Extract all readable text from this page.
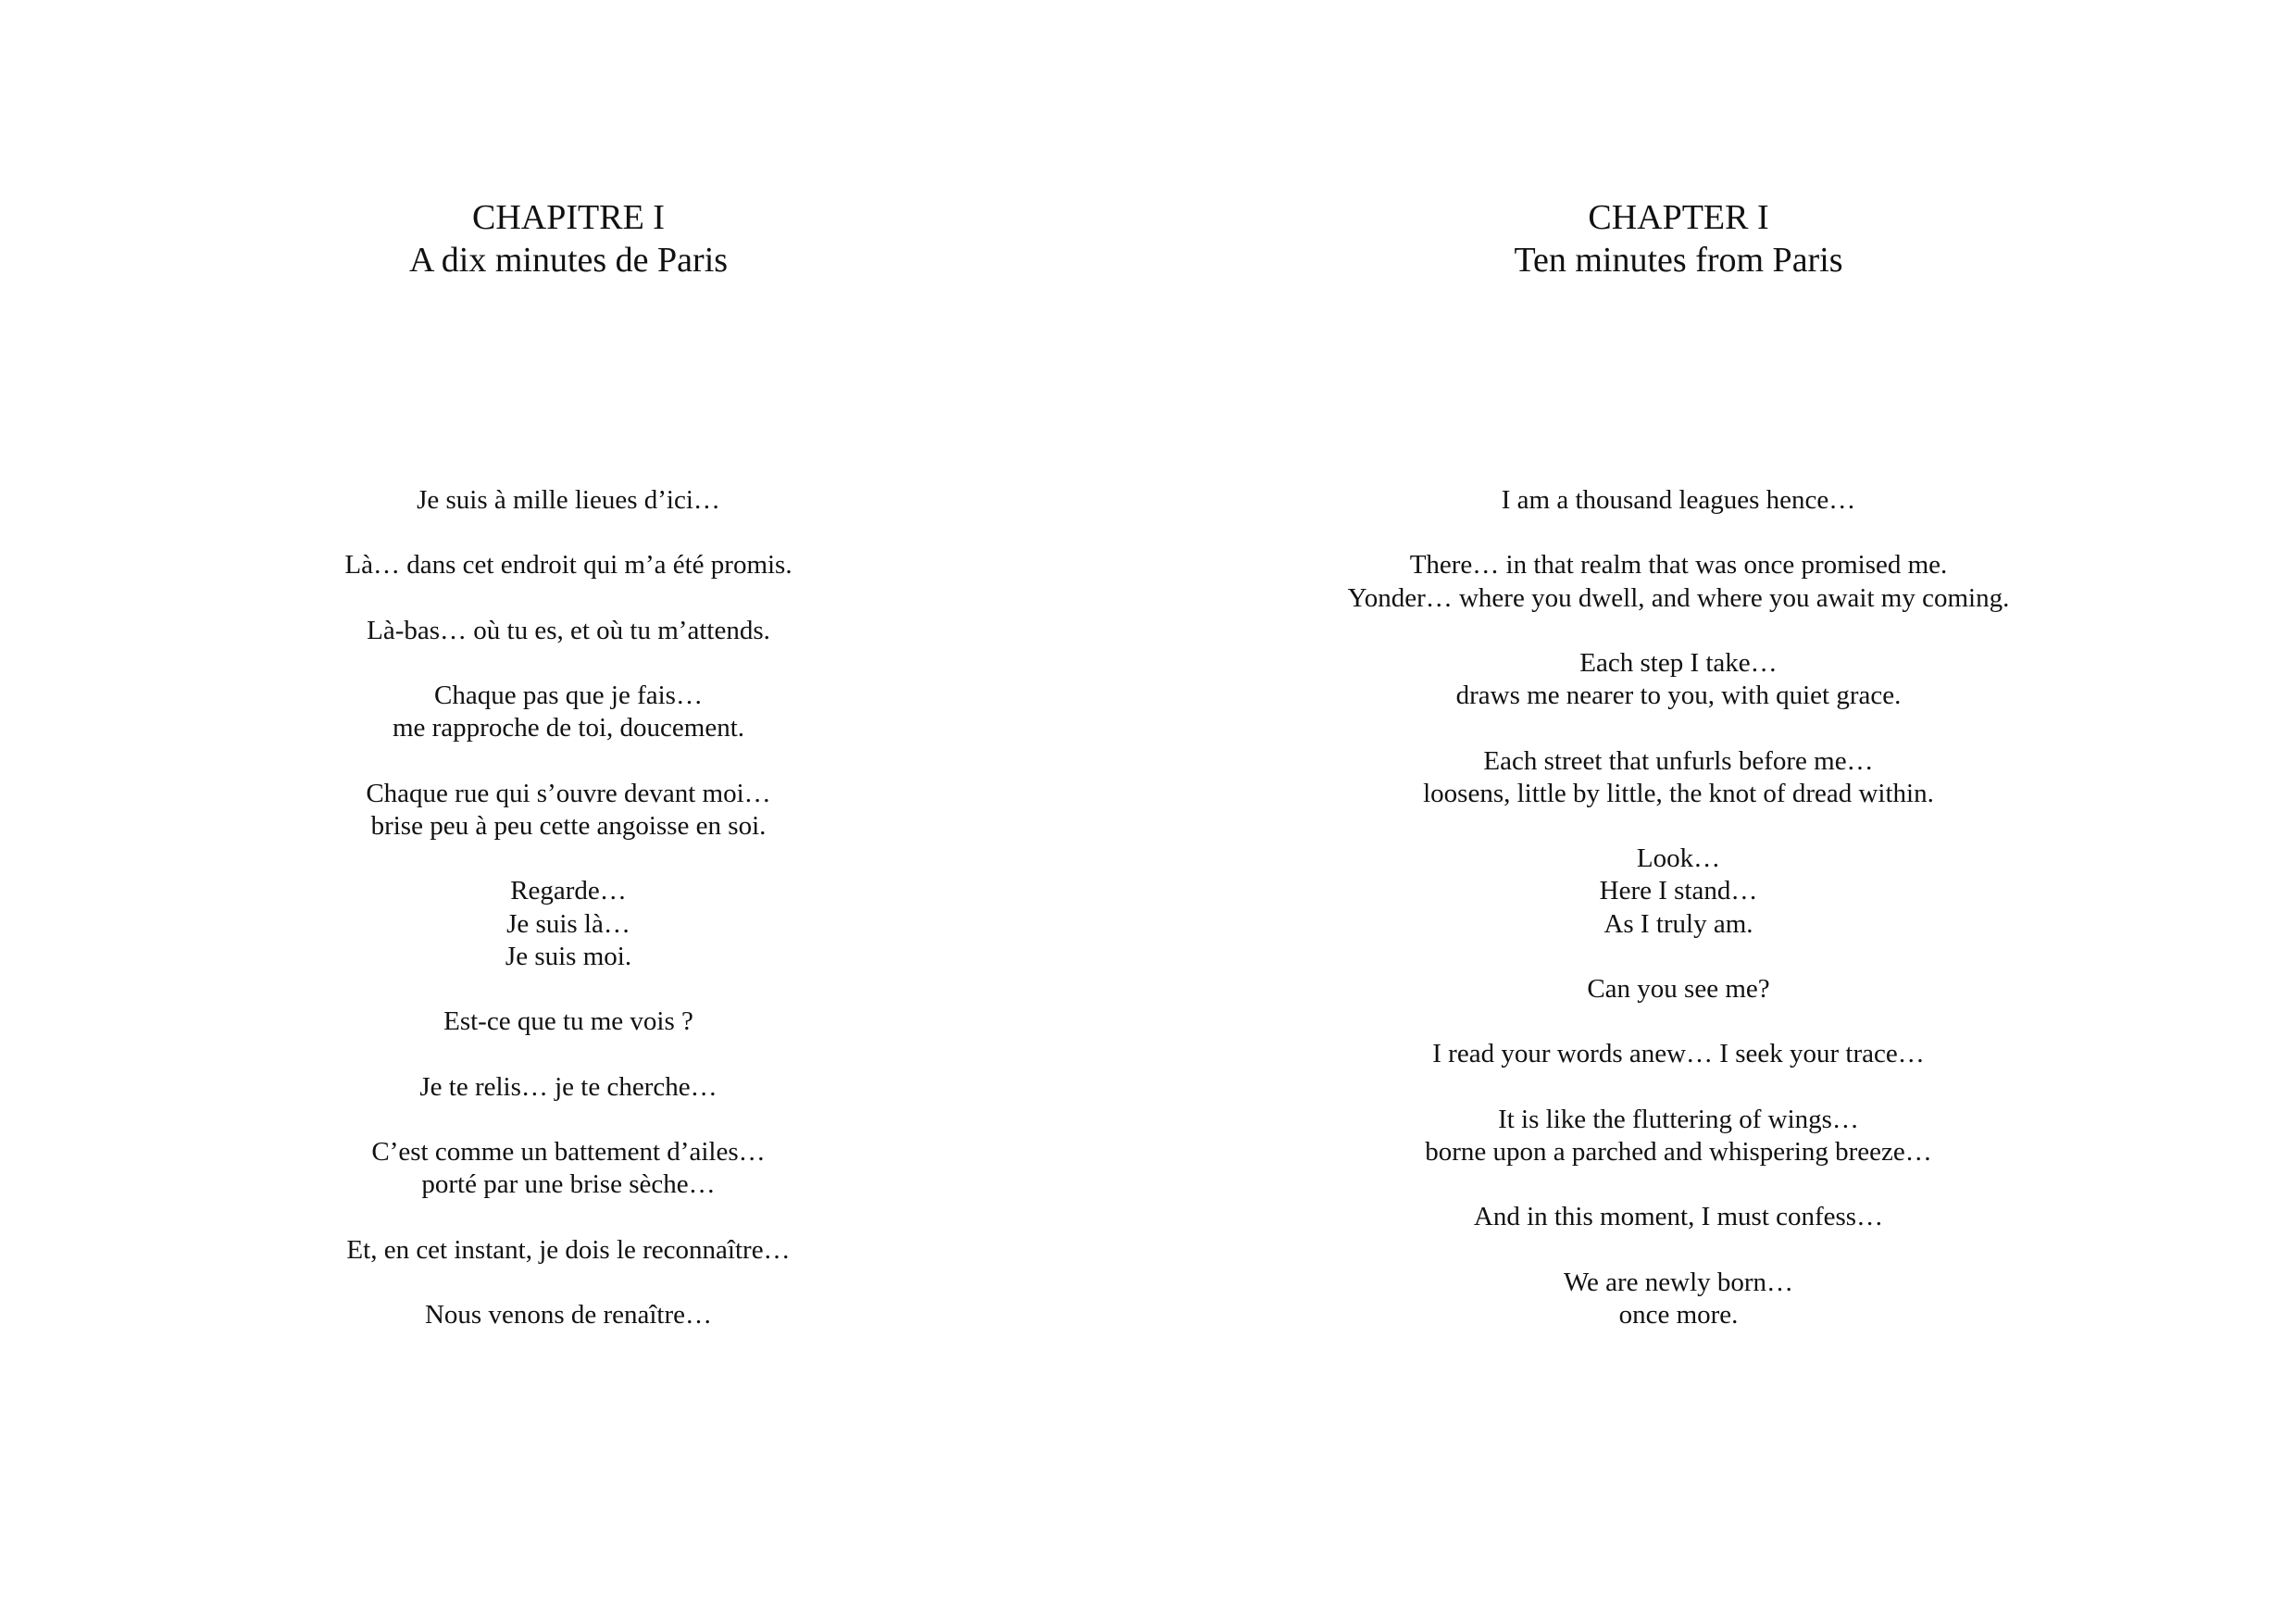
CHAPITRE I
A dix minutes de Paris
Je suis à mille lieues d’ici…
Là… dans cet endroit qui m’a été promis.
Là-bas… où tu es, et où tu m’attends.
Chaque pas que je fais…
me rapproche de toi, doucement.
Chaque rue qui s’ouvre devant moi…
brise peu à peu cette angoisse en soi.
Regarde…
Je suis là…
Je suis moi.
Est-ce que tu me vois ?
Je te relis… je te cherche…
C’est comme un battement d’ailes…
porté par une brise sèche…
Et, en cet instant, je dois le reconnaître…
Nous venons de renaître…
CHAPTER I
Ten minutes from Paris
I am a thousand leagues hence…
There… in that realm that was once promised me.
Yonder… where you dwell, and where you await my coming.
Each step I take…
draws me nearer to you, with quiet grace.
Each street that unfurls before me…
loosens, little by little, the knot of dread within.
Look…
Here I stand…
As I truly am.
Can you see me?
I read your words anew… I seek your trace…
It is like the fluttering of wings…
borne upon a parched and whispering breeze…
And in this moment, I must confess…
We are newly born…
once more.
